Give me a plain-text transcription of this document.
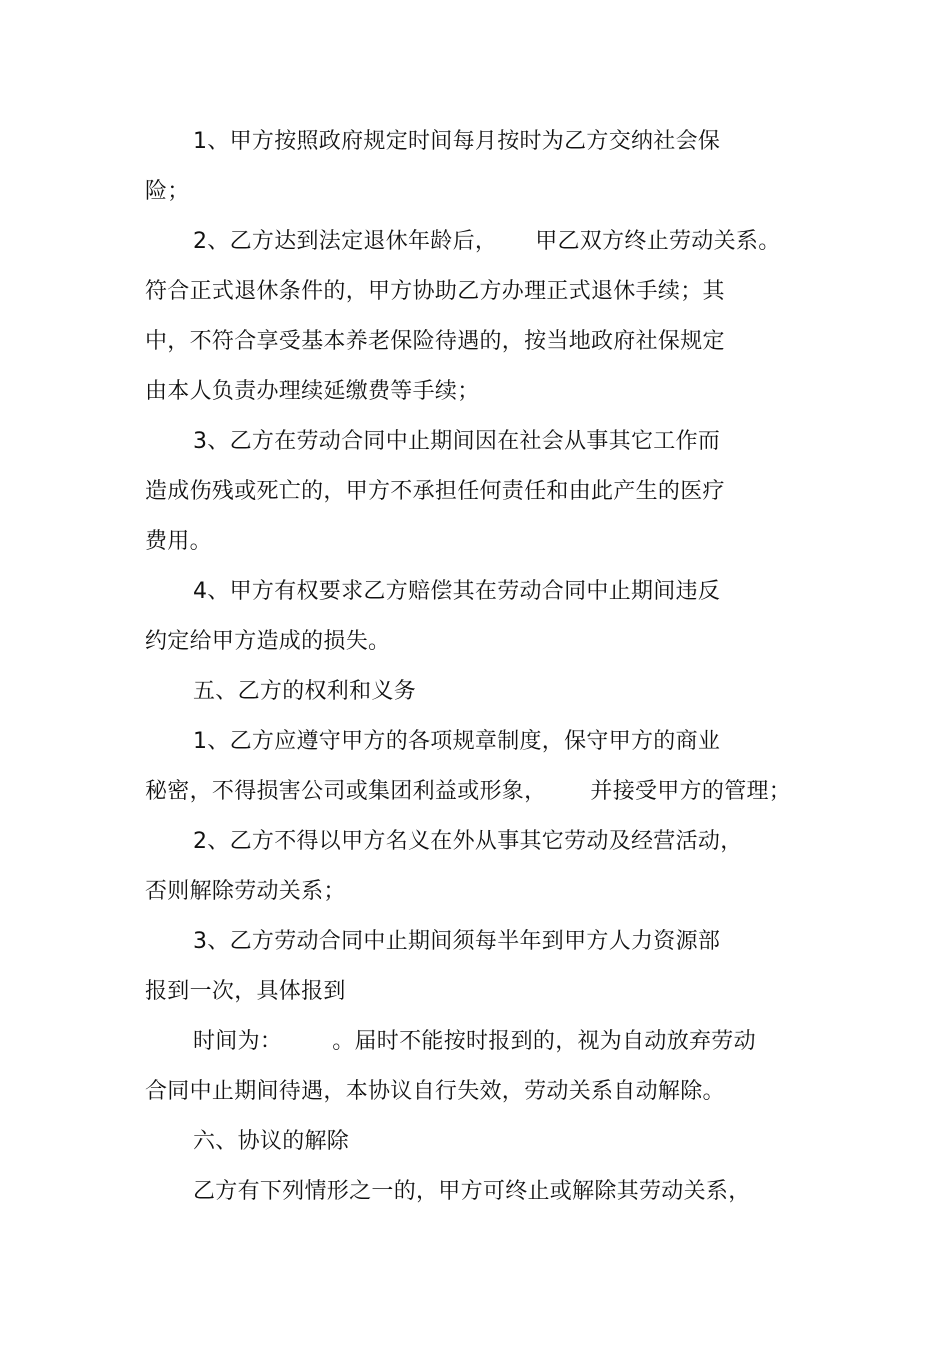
1、甲方按照政府规定时间每月按时为乙方交纳社会保
险；
2、乙方达到法定退休年龄后， 甲乙双方终止劳动关系。
符合正式退休条件的，甲方协助乙方办理正式退休手续；其
中，不符合享受基本养老保险待遇的，按当地政府社保规定
由本人负责办理续延缴费等手续；
3、乙方在劳动合同中止期间因在社会从事其它工作而
造成伤残或死亡的，甲方不承担任何责任和由此产生的医疗
费用。
4、甲方有权要求乙方赔偿其在劳动合同中止期间违反
约定给甲方造成的损失。
五、乙方的权利和义务
1、乙方应遵守甲方的各项规章制度，保守甲方的商业
秘密，不得损害公司或集团利益或形象， 并接受甲方的管理；
2、乙方不得以甲方名义在外从事其它劳动及经营活动，
否则解除劳动关系；
3、乙方劳动合同中止期间须每半年到甲方人力资源部
报到一次，具体报到
时间为： 。届时不能按时报到的，视为自动放弃劳动
合同中止期间待遇，本协议自行失效，劳动关系自动解除。
六、协议的解除
乙方有下列情形之一的，甲方可终止或解除其劳动关系，
